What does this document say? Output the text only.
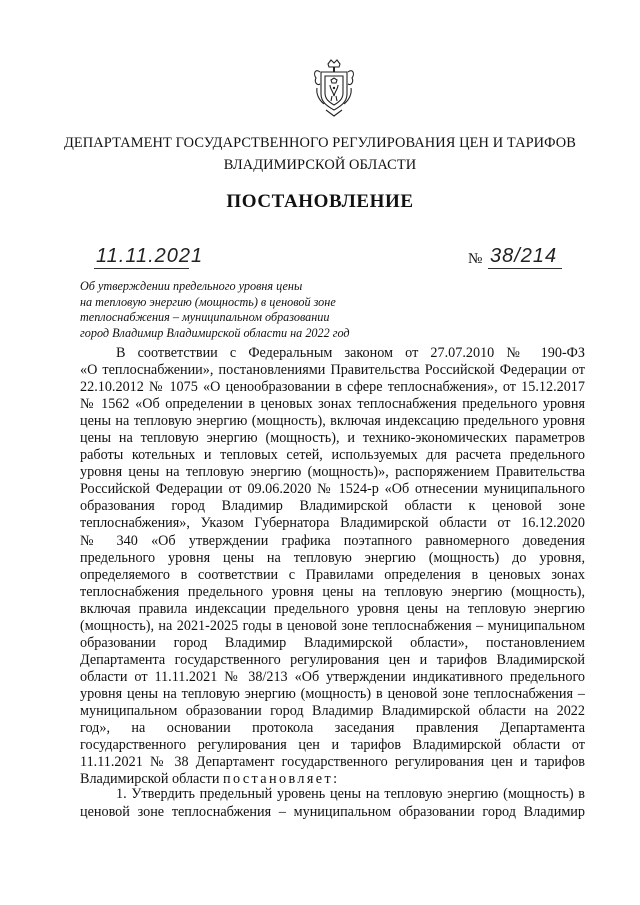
ДЕПАРТАМЕНТ ГОСУДАРСТВЕННОГО РЕГУЛИРОВАНИЯ ЦЕН И ТАРИФОВ
ВЛАДИМИРСКОЙ ОБЛАСТИ
ПОСТАНОВЛЕНИЕ
11.11.2021	№ 38/214
Об утверждении предельного уровня цены
на тепловую энергию (мощность) в ценовой зоне
теплоснабжения – муниципальном образовании
город Владимир Владимирской области на 2022 год
В соответствии с Федеральным законом от 27.07.2010 № 190-ФЗ
«О теплоснабжении», постановлениями Правительства Российской Федерации от
22.10.2012 № 1075 «О ценообразовании в сфере теплоснабжения», от 15.12.2017
№ 1562 «Об определении в ценовых зонах теплоснабжения предельного уровня
цены на тепловую энергию (мощность), включая индексацию предельного уровня
цены на тепловую энергию (мощность), и технико-экономических параметров
работы котельных и тепловых сетей, используемых для расчета предельного
уровня цены на тепловую энергию (мощность)», распоряжением Правительства
Российской Федерации от 09.06.2020 № 1524-р «Об отнесении муниципального
образования город Владимир Владимирской области к ценовой зоне
теплоснабжения», Указом Губернатора Владимирской области от 16.12.2020
№ 340 «Об утверждении графика поэтапного равномерного доведения
предельного уровня цены на тепловую энергию (мощность) до уровня,
определяемого в соответствии с Правилами определения в ценовых зонах
теплоснабжения предельного уровня цены на тепловую энергию (мощность),
включая правила индексации предельного уровня цены на тепловую энергию
(мощность), на 2021-2025 годы в ценовой зоне теплоснабжения – муниципальном
образовании город Владимир Владимирской области», постановлением
Департамента государственного регулирования цен и тарифов Владимирской
области от 11.11.2021 № 38/213 «Об утверждении индикативного предельного
уровня цены на тепловую энергию (мощность) в ценовой зоне теплоснабжения –
муниципальном образовании город Владимир Владимирской области на 2022
год», на основании протокола заседания правления Департамента
государственного регулирования цен и тарифов Владимирской области от
11.11.2021 № 38 Департамент государственного регулирования цен и тарифов
Владимирской области постановляет:
1. Утвердить предельный уровень цены на тепловую энергию (мощность) в ценовой зоне теплоснабжения – муниципальном образовании город Владимир
